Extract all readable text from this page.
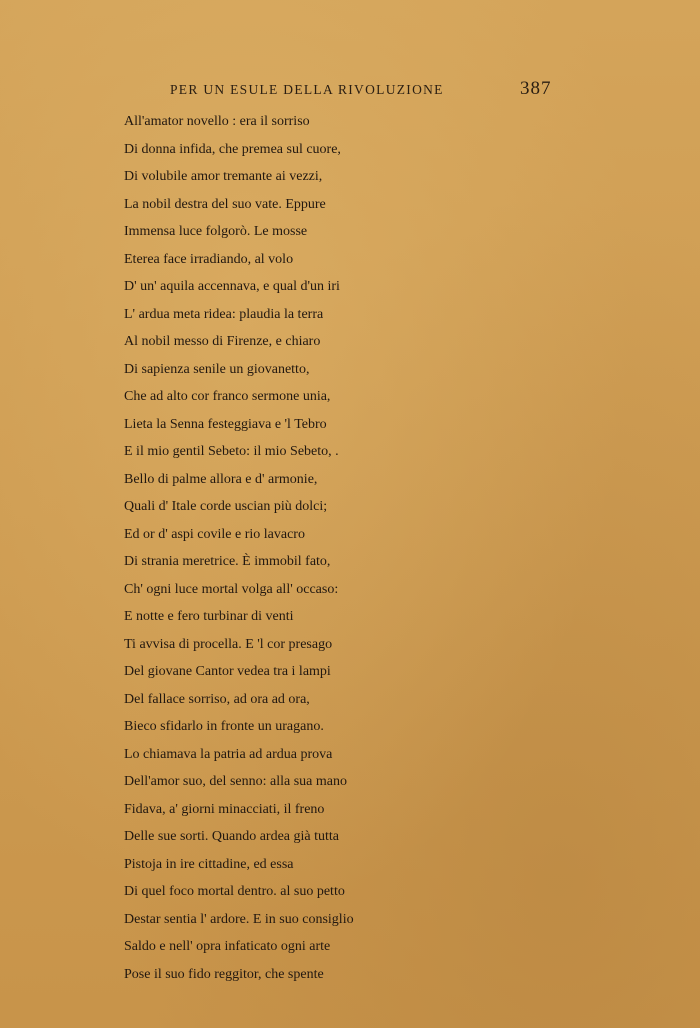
PER UN ESULE DELLA RIVOLUZIONE	387
All'amator novello : era il sorriso
Di donna infida, che premea sul cuore,
Di volubile amor tremante ai vezzi,
La nobil destra del suo vate. Eppure
Immensa luce folgorò. Le mosse
Eterea face irradiando, al volo
D' un' aquila accennava, e qual d'un iri
L' ardua meta ridea: plaudia la terra
Al nobil messo di Firenze, e chiaro
Di sapienza senile un giovanetto,
Che ad alto cor franco sermone unia,
Lieta la Senna festeggiava e 'l Tebro
E il mio gentil Sebeto: il mio Sebeto, .
Bello di palme allora e d' armonie,
Quali d' Itale corde uscian più dolci;
Ed or d' aspi covile e rio lavacro
Di strania meretrice. È immobil fato,
Ch' ogni luce mortal volga all' occaso:
E notte e fero turbinar di venti
Ti avvisa di procella. E 'l cor presago
Del giovane Cantor vedea tra i lampi
Del fallace sorriso, ad ora ad ora,
Bieco sfidarlo in fronte un uragano.
Lo chiamava la patria ad ardua prova
Dell'amor suo, del senno: alla sua mano
Fidava, a' giorni minacciati, il freno
Delle sue sorti. Quando ardea già tutta
Pistoja in ire cittadine, ed essa
Di quel foco mortal dentro. al suo petto
Destar sentia l' ardore. E in suo consiglio
Saldo e nell' opra infaticato ogni arte
Pose il suo fido reggitor, che spente
